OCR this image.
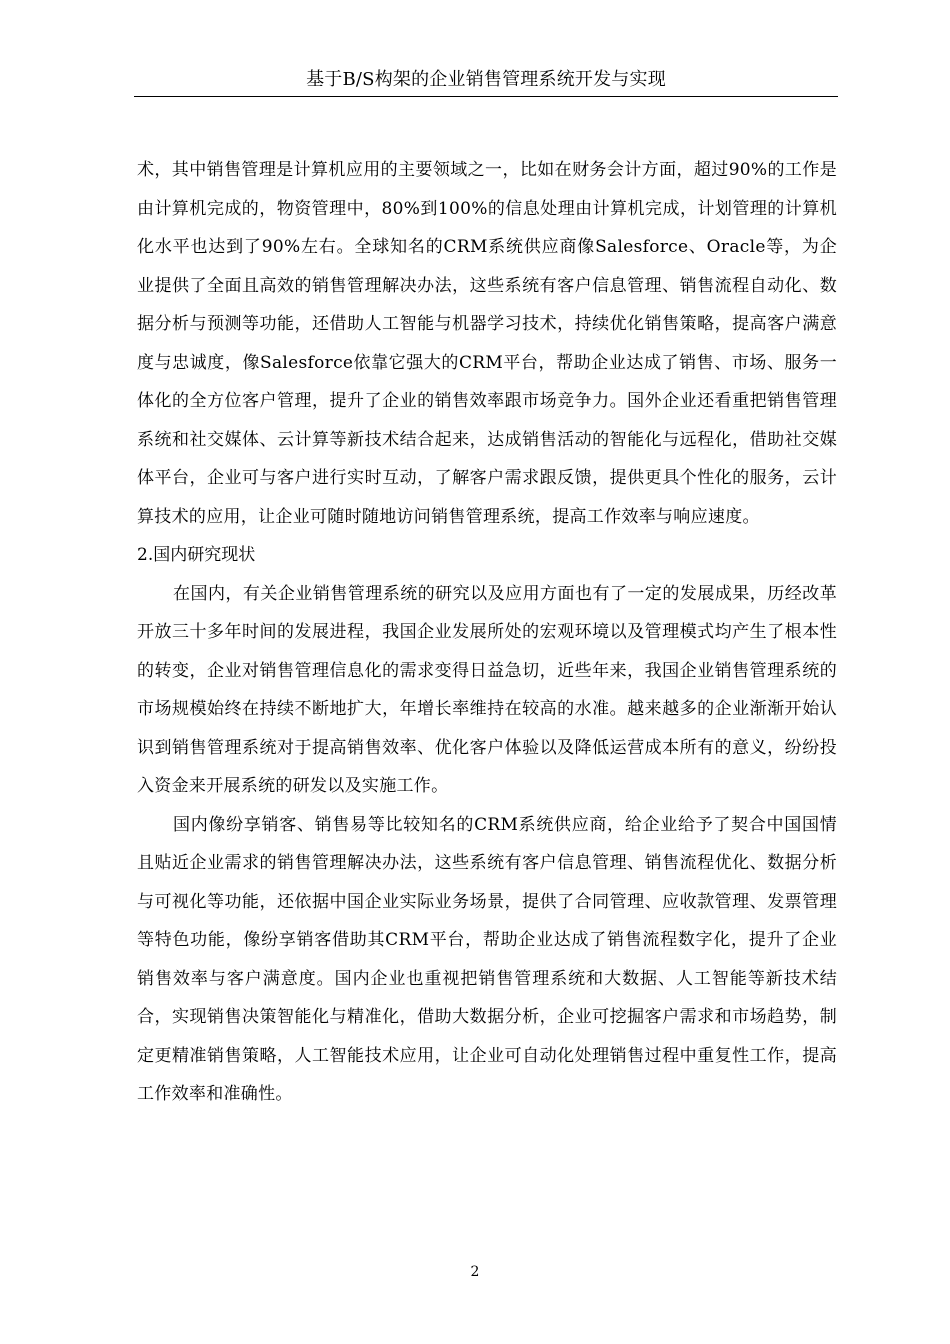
基于B/S构架的企业销售管理系统开发与实现

术，其中销售管理是计算机应用的主要领域之一，比如在财务会计方面，超过90%的工作是由计算机完成的，物资管理中，80%到100%的信息处理由计算机完成，计划管理的计算机化水平也达到了90%左右。全球知名的CRM系统供应商像Salesforce、Oracle等，为企业提供了全面且高效的销售管理解决办法，这些系统有客户信息管理、销售流程自动化、数据分析与预测等功能，还借助人工智能与机器学习技术，持续优化销售策略，提高客户满意度与忠诚度，像Salesforce依靠它强大的CRM平台，帮助企业达成了销售、市场、服务一体化的全方位客户管理，提升了企业的销售效率跟市场竞争力。国外企业还看重把销售管理系统和社交媒体、云计算等新技术结合起来，达成销售活动的智能化与远程化，借助社交媒体平台，企业可与客户进行实时互动，了解客户需求跟反馈，提供更具个性化的服务，云计算技术的应用，让企业可随时随地访问销售管理系统，提高工作效率与响应速度。

2.国内研究现状

在国内，有关企业销售管理系统的研究以及应用方面也有了一定的发展成果，历经改革开放三十多年时间的发展进程，我国企业发展所处的宏观环境以及管理模式均产生了根本性的转变，企业对销售管理信息化的需求变得日益急切，近些年来，我国企业销售管理系统的市场规模始终在持续不断地扩大，年增长率维持在较高的水准。越来越多的企业渐渐开始认识到销售管理系统对于提高销售效率、优化客户体验以及降低运营成本所有的意义，纷纷投入资金来开展系统的研发以及实施工作。

国内像纷享销客、销售易等比较知名的CRM系统供应商，给企业给予了契合中国国情且贴近企业需求的销售管理解决办法，这些系统有客户信息管理、销售流程优化、数据分析与可视化等功能，还依据中国企业实际业务场景，提供了合同管理、应收款管理、发票管理等特色功能，像纷享销客借助其CRM平台，帮助企业达成了销售流程数字化，提升了企业销售效率与客户满意度。国内企业也重视把销售管理系统和大数据、人工智能等新技术结合，实现销售决策智能化与精准化，借助大数据分析，企业可挖掘客户需求和市场趋势，制定更精准销售策略，人工智能技术应用，让企业可自动化处理销售过程中重复性工作，提高工作效率和准确性。

2
